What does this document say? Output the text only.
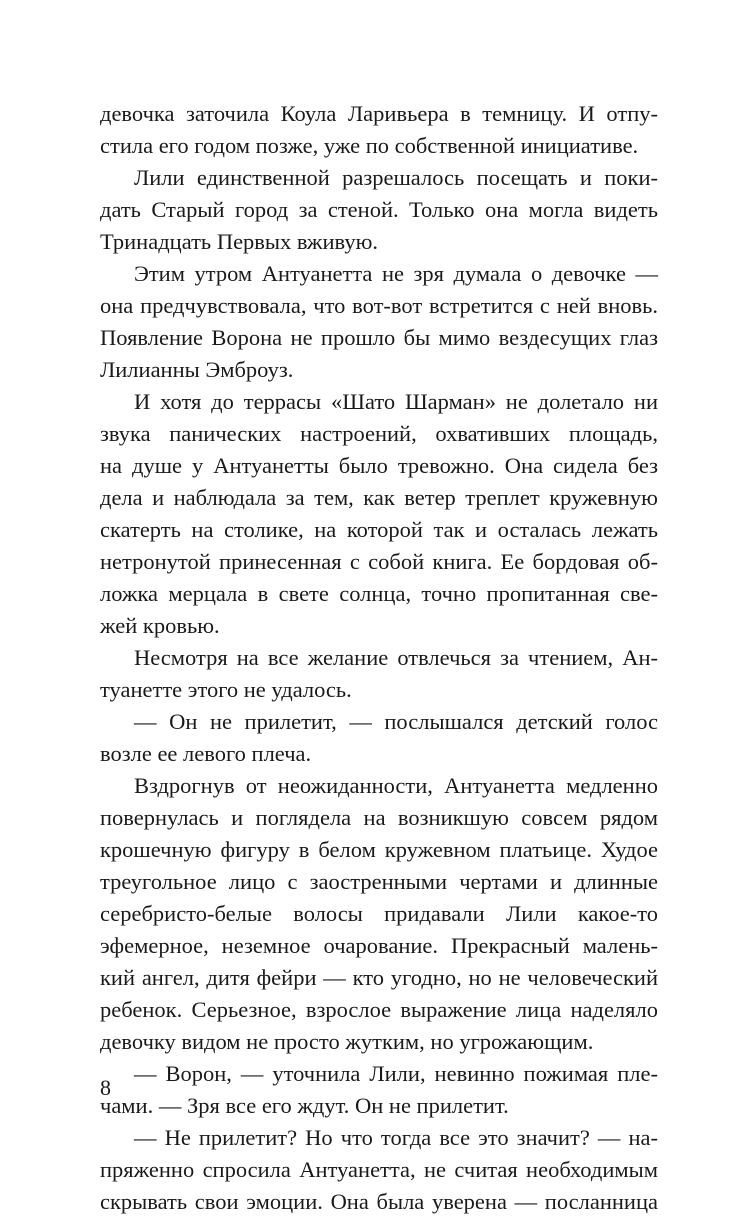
девочка заточила Коула Ларивьера в темницу. И отпу-
стила его годом позже, уже по собственной инициативе.
Лили единственной разрешалось посещать и поки-
дать Старый город за стеной. Только она могла видеть
Тринадцать Первых вживую.
Этим утром Антуанетта не зря думала о девочке —
она предчувствовала, что вот-вот встретится с ней вновь.
Появление Ворона не прошло бы мимо вездесущих глаз
Лилианны Эмброуз.
И хотя до террасы «Шато Шарман» не долетало ни
звука панических настроений, охвативших площадь,
на душе у Антуанетты было тревожно. Она сидела без
дела и наблюдала за тем, как ветер треплет кружевную
скатерть на столике, на которой так и осталась лежать
нетронутой принесенная с собой книга. Ее бордовая об-
ложка мерцала в свете солнца, точно пропитанная све-
жей кровью.
Несмотря на все желание отвлечься за чтением, Ан-
туанетте этого не удалось.
— Он не прилетит, — послышался детский голос
возле ее левого плеча.
Вздрогнув от неожиданности, Антуанетта медленно
повернулась и поглядела на возникшую совсем рядом
крошечную фигуру в белом кружевном платьице. Худое
треугольное лицо с заостренными чертами и длинные
серебристо-белые волосы придавали Лили какое-то
эфемерное, неземное очарование. Прекрасный малень-
кий ангел, дитя фейри — кто угодно, но не человеческий
ребенок. Серьезное, взрослое выражение лица наделяло
девочку видом не просто жутким, но угрожающим.
— Ворон, — уточнила Лили, невинно пожимая пле-
чами. — Зря все его ждут. Он не прилетит.
— Не прилетит? Но что тогда все это значит? — на-
пряженно спросила Антуанетта, не считая необходимым
скрывать свои эмоции. Она была уверена — посланница
8
